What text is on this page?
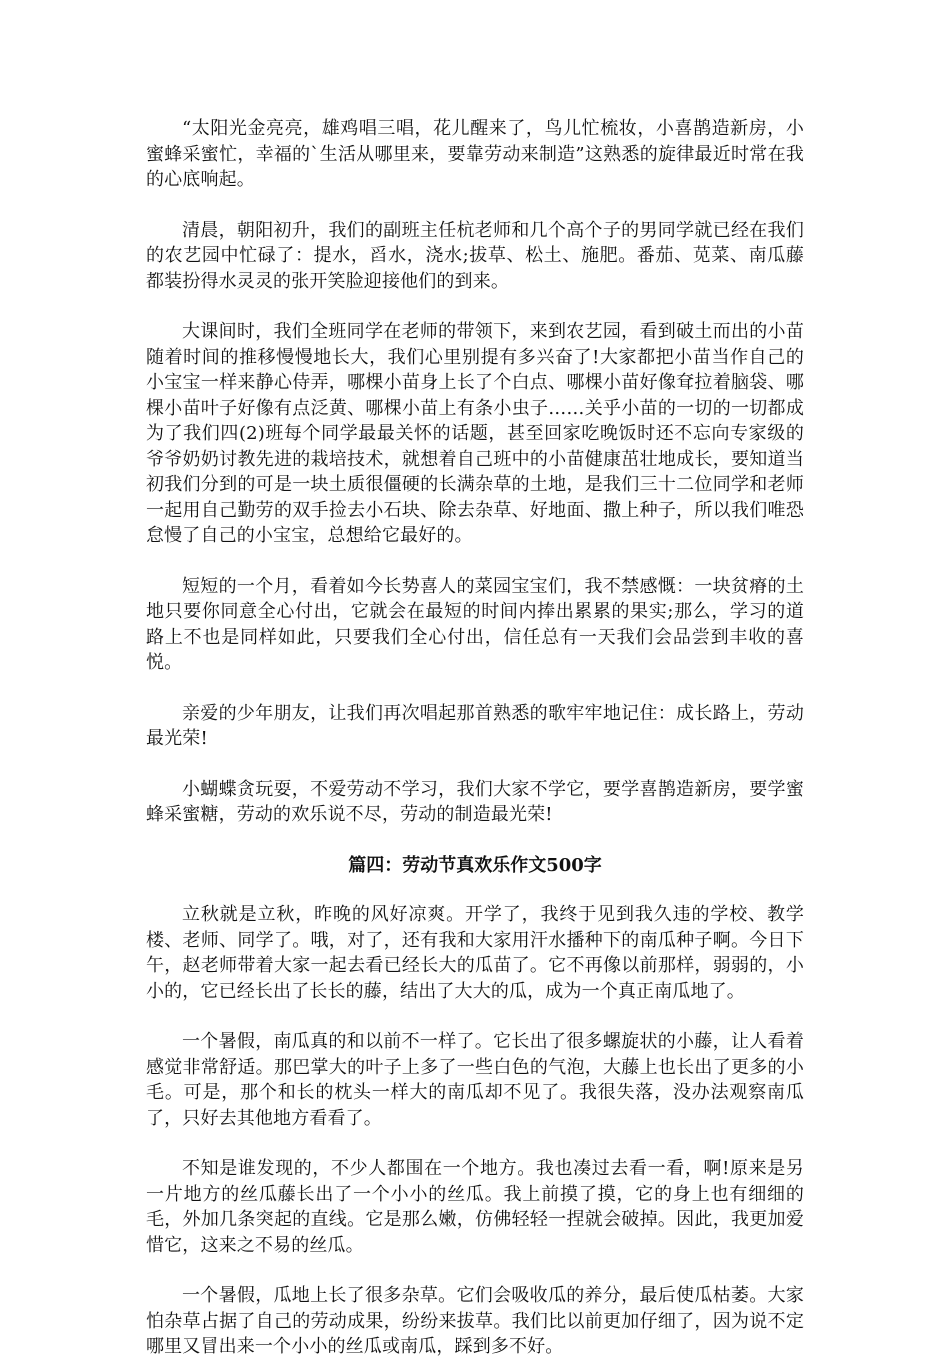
“太阳光金亮亮，雄鸡唱三唱，花儿醒来了，鸟儿忙梳妆，小喜鹊造新房，小蜜蜂采蜜忙，幸福的`生活从哪里来，要靠劳动来制造”这熟悉的旋律最近时常在我的心底响起。

清晨，朝阳初升，我们的副班主任杭老师和几个高个子的男同学就已经在我们的农艺园中忙碌了：提水，舀水，浇水;拔草、松土、施肥。番茄、苋菜、南瓜藤都装扮得水灵灵的张开笑脸迎接他们的到来。

大课间时，我们全班同学在老师的带领下，来到农艺园，看到破土而出的小苗随着时间的推移慢慢地长大，我们心里别提有多兴奋了!大家都把小苗当作自己的小宝宝一样来静心侍弄，哪棵小苗身上长了个白点、哪棵小苗好像耷拉着脑袋、哪棵小苗叶子好像有点泛黄、哪棵小苗上有条小虫子……关乎小苗的一切的一切都成为了我们四(2)班每个同学最最关怀的话题，甚至回家吃晚饭时还不忘向专家级的爷爷奶奶讨教先进的栽培技术，就想着自己班中的小苗健康茁壮地成长，要知道当初我们分到的可是一块土质很僵硬的长满杂草的土地，是我们三十二位同学和老师一起用自己勤劳的双手捡去小石块、除去杂草、好地面、撒上种子，所以我们唯恐怠慢了自己的小宝宝，总想给它最好的。

短短的一个月，看着如今长势喜人的菜园宝宝们，我不禁感慨：一块贫瘠的土地只要你同意全心付出，它就会在最短的时间内捧出累累的果实;那么，学习的道路上不也是同样如此，只要我们全心付出，信任总有一天我们会品尝到丰收的喜悦。

亲爱的少年朋友，让我们再次唱起那首熟悉的歌牢牢地记住：成长路上，劳动最光荣!

小蝴蝶贪玩耍，不爱劳动不学习，我们大家不学它，要学喜鹊造新房，要学蜜蜂采蜜糖，劳动的欢乐说不尽，劳动的制造最光荣!

篇四：劳动节真欢乐作文500字

立秋就是立秋，昨晚的风好凉爽。开学了，我终于见到我久违的学校、教学楼、老师、同学了。哦，对了，还有我和大家用汗水播种下的南瓜种子啊。今日下午，赵老师带着大家一起去看已经长大的瓜苗了。它不再像以前那样，弱弱的，小小的，它已经长出了长长的藤，结出了大大的瓜，成为一个真正南瓜地了。

一个暑假，南瓜真的和以前不一样了。它长出了很多螺旋状的小藤，让人看着感觉非常舒适。那巴掌大的叶子上多了一些白色的气泡，大藤上也长出了更多的小毛。可是，那个和长的枕头一样大的南瓜却不见了。我很失落，没办法观察南瓜了，只好去其他地方看看了。

不知是谁发现的，不少人都围在一个地方。我也凑过去看一看，啊!原来是另一片地方的丝瓜藤长出了一个小小的丝瓜。我上前摸了摸，它的身上也有细细的毛，外加几条突起的直线。它是那么嫩，仿佛轻轻一捏就会破掉。因此，我更加爱惜它，这来之不易的丝瓜。

一个暑假，瓜地上长了很多杂草。它们会吸收瓜的养分，最后使瓜枯萎。大家怕杂草占据了自己的劳动成果，纷纷来拔草。我们比以前更加仔细了，因为说不定哪里又冒出来一个小小的丝瓜或南瓜，踩到多不好。
